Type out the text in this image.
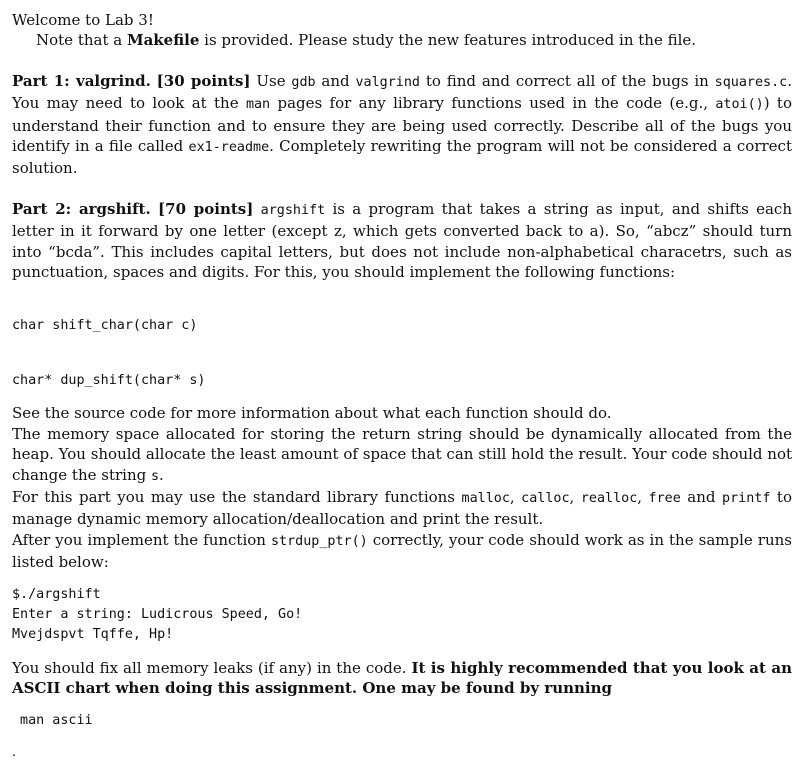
Welcome to Lab 3!

Note that a Makefile is provided. Please study the new features introduced in the file.

Part 1: valgrind. [30 points] Use gdb and valgrind to find and correct all of the bugs in squares.c. You may need to look at the man pages for any library functions used in the code (e.g., atoi()) to understand their function and to ensure they are being used correctly. Describe all of the bugs you identify in a file called ex1-readme. Completely rewriting the program will not be considered a correct solution.

Part 2: argshift. [70 points] argshift is a program that takes a string as input, and shifts each letter in it forward by one letter (except z, which gets converted back to a). So, “abcz” should turn into “bcda”. This includes capital letters, but does not include non-alphabetical characetrs, such as punctuation, spaces and digits. For this, you should implement the following functions:

char shift_char(char c)
char* dup_shift(char* s)

See the source code for more information about what each function should do.

The memory space allocated for storing the return string should be dynamically allocated from the heap. You should allocate the least amount of space that can still hold the result. Your code should not change the string s.

For this part you may use the standard library functions malloc, calloc, realloc, free and printf to manage dynamic memory allocation/deallocation and print the result.

After you implement the function strdup_ptr() correctly, your code should work as in the sample runs listed below:

$./argshift
Enter a string: Ludicrous Speed, Go!
Mvejdspvt Tqffe, Hp!

You should fix all memory leaks (if any) in the code. It is highly recommended that you look at an ASCII chart when doing this assignment. One may be found by running

man ascii

.
